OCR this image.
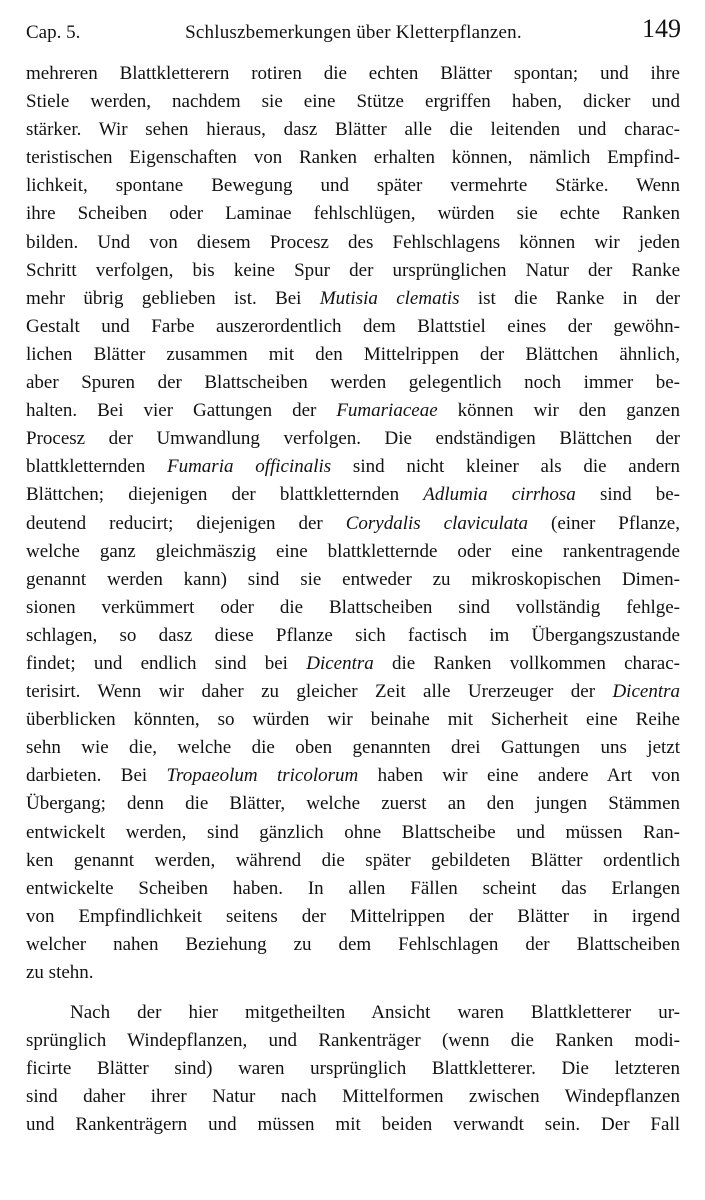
Cap. 5.	Schluszbemerkungen über Kletterpflanzen.	149
mehreren Blattkletterern rotiren die echten Blätter spontan; und ihre
Stiele werden, nachdem sie eine Stütze ergriffen haben, dicker und
stärker. Wir sehen hieraus, dasz Blätter alle die leitenden und charac-
teristischen Eigenschaften von Ranken erhalten können, nämlich Empfind-
lichkeit, spontane Bewegung und später vermehrte Stärke. Wenn
ihre Scheiben oder Laminae fehlschlügen, würden sie echte Ranken
bilden. Und von diesem Procesz des Fehlschlagens können wir jeden
Schritt verfolgen, bis keine Spur der ursprünglichen Natur der Ranke
mehr übrig geblieben ist. Bei Mutisia clematis ist die Ranke in der
Gestalt und Farbe auszerordentlich dem Blattstiel eines der gewöhn-
lichen Blätter zusammen mit den Mittelrippen der Blättchen ähnlich,
aber Spuren der Blattscheiben werden gelegentlich noch immer be-
halten. Bei vier Gattungen der Fumariaceae können wir den ganzen
Procesz der Umwandlung verfolgen. Die endständigen Blättchen der
blattkletternden Fumaria officinalis sind nicht kleiner als die andern
Blättchen; diejenigen der blattkletternden Adlumia cirrhosa sind be-
deutend reducirt; diejenigen der Corydalis claviculata (einer Pflanze,
welche ganz gleichmäszig eine blattkletternde oder eine rankentragende
genannt werden kann) sind sie entweder zu mikroskopischen Dimen-
sionen verkümmert oder die Blattscheiben sind vollständig fehlge-
schlagen, so dasz diese Pflanze sich factisch im Übergangszustande
findet; und endlich sind bei Dicentra die Ranken vollkommen charac-
terisirt. Wenn wir daher zu gleicher Zeit alle Urerzeuger der Dicentra
überblicken könnten, so würden wir beinahe mit Sicherheit eine Reihe
sehn wie die, welche die oben genannten drei Gattungen uns jetzt
darbieten. Bei Tropaeolum tricolorum haben wir eine andere Art von
Übergang; denn die Blätter, welche zuerst an den jungen Stämmen
entwickelt werden, sind gänzlich ohne Blattscheibe und müssen Ran-
ken genannt werden, während die später gebildeten Blätter ordentlich
entwickelte Scheiben haben. In allen Fällen scheint das Erlangen
von Empfindlichkeit seitens der Mittelrippen der Blätter in irgend
welcher nahen Beziehung zu dem Fehlschlagen der Blattscheiben
zu stehn.
Nach der hier mitgetheilten Ansicht waren Blattkletterer ur-
sprünglich Windepflanzen, und Rankenträger (wenn die Ranken modi-
ficirte Blätter sind) waren ursprünglich Blattkletterer. Die letzteren
sind daher ihrer Natur nach Mittelformen zwischen Windepflanzen
und Rankenträgern und müssen mit beiden verwandt sein. Der Fall
